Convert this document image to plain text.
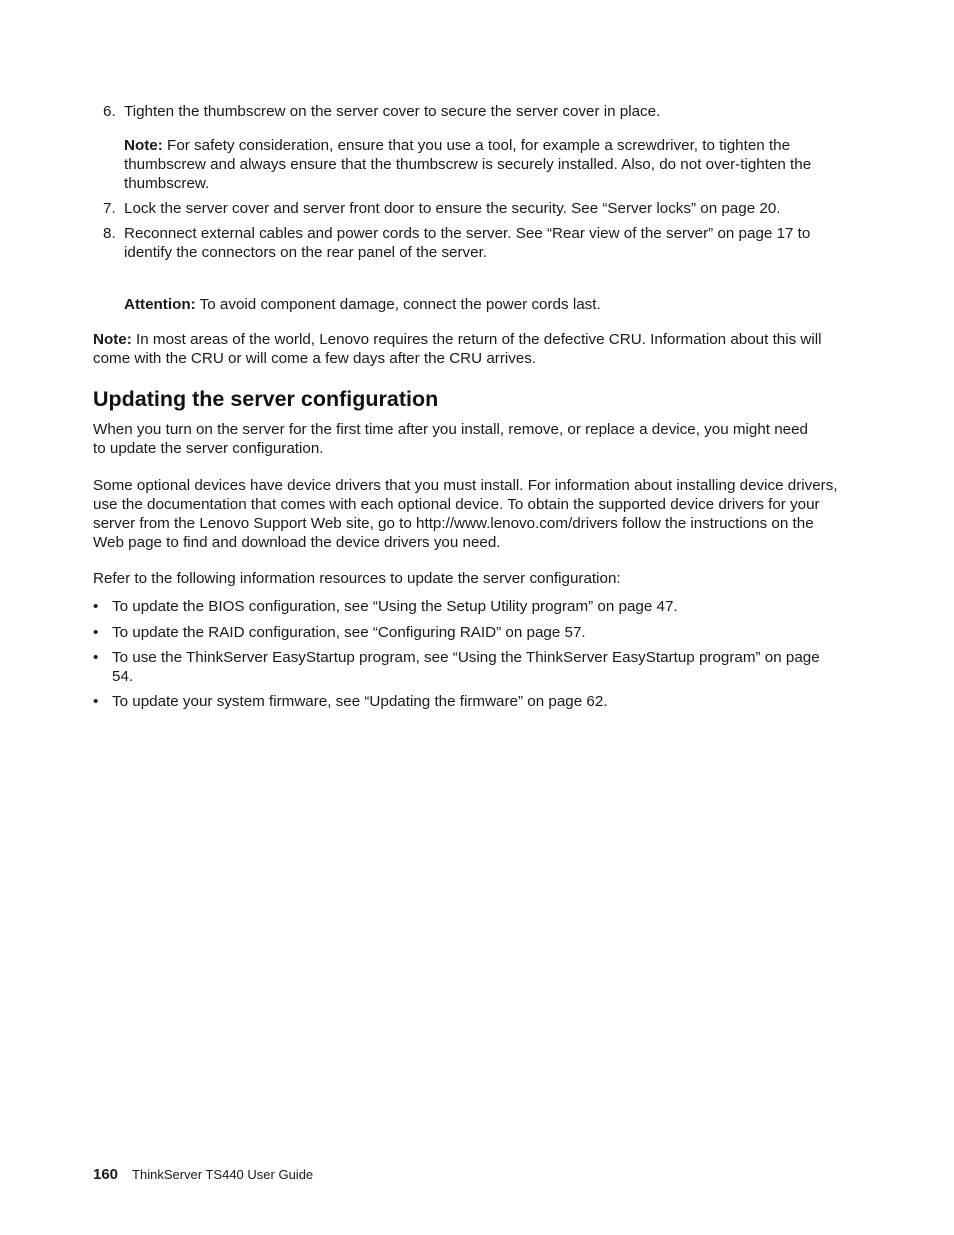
6. Tighten the thumbscrew on the server cover to secure the server cover in place.
Note: For safety consideration, ensure that you use a tool, for example a screwdriver, to tighten the thumbscrew and always ensure that the thumbscrew is securely installed. Also, do not over-tighten the thumbscrew.
7. Lock the server cover and server front door to ensure the security. See “Server locks” on page 20.
8. Reconnect external cables and power cords to the server. See “Rear view of the server” on page 17 to identify the connectors on the rear panel of the server.
Attention: To avoid component damage, connect the power cords last.
Note: In most areas of the world, Lenovo requires the return of the defective CRU. Information about this will come with the CRU or will come a few days after the CRU arrives.
Updating the server configuration
When you turn on the server for the first time after you install, remove, or replace a device, you might need to update the server configuration.
Some optional devices have device drivers that you must install. For information about installing device drivers, use the documentation that comes with each optional device. To obtain the supported device drivers for your server from the Lenovo Support Web site, go to http://www.lenovo.com/drivers follow the instructions on the Web page to find and download the device drivers you need.
Refer to the following information resources to update the server configuration:
• To update the BIOS configuration, see “Using the Setup Utility program” on page 47.
• To update the RAID configuration, see “Configuring RAID” on page 57.
• To use the ThinkServer EasyStartup program, see “Using the ThinkServer EasyStartup program” on page 54.
• To update your system firmware, see “Updating the firmware” on page 62.
160 ThinkServer TS440 User Guide
